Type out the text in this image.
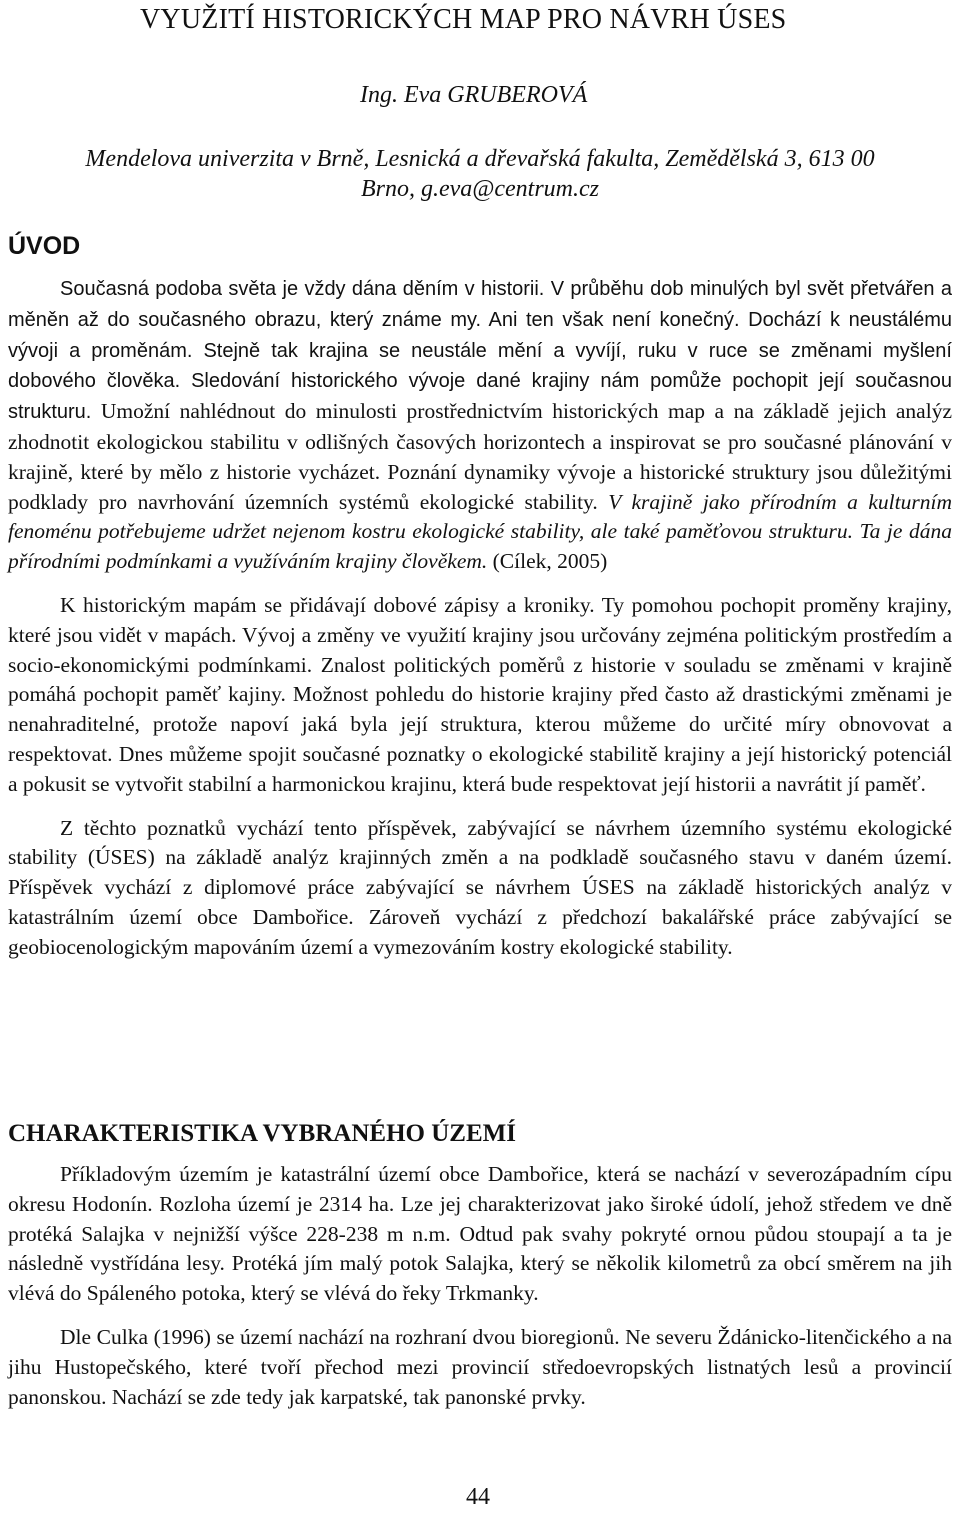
VYUŽITÍ HISTORICKÝCH MAP PRO NÁVRH ÚSES
Ing. Eva GRUBEROVÁ
Mendelova univerzita v Brně, Lesnická a dřevařská fakulta, Zemědělská 3, 613 00 Brno, g.eva@centrum.cz
ÚVOD

Současná podoba světa je vždy dána děním v historii. V průběhu dob minulých byl svět přetvářen a měněn až do současného obrazu, který známe my. Ani ten však není konečný. Dochází k neustálému vývoji a proměnám. Stejně tak krajina se neustále mění a vyvíjí, ruku v ruce se změnami myšlení dobového člověka. Sledování historického vývoje dané krajiny nám pomůže pochopit její současnou strukturu. Umožní nahlédnout do minulosti prostřednictvím historických map a na základě jejich analýz zhodnotit ekologickou stabilitu v odlišných časových horizontech a inspirovat se pro současné plánování v krajině, které by mělo z historie vycházet. Poznání dynamiky vývoje a historické struktury jsou důležitými podklady pro navrhování územních systémů ekologické stability. V krajině jako přírodním a kulturním fenoménu potřebujeme udržet nejenom kostru ekologické stability, ale také paměťovou strukturu. Ta je dána přírodními podmínkami a využíváním krajiny člověkem. (Cílek, 2005)

K historickým mapám se přidávají dobové zápisy a kroniky. Ty pomohou pochopit proměny krajiny, které jsou vidět v mapách. Vývoj a změny ve využití krajiny jsou určovány zejména politickým prostředím a socio-ekonomickými podmínkami. Znalost politických poměrů z historie v souladu se změnami v krajině pomáhá pochopit paměť kajiny. Možnost pohledu do historie krajiny před často až drastickými změnami je nenahraditelné, protože napoví jaká byla její struktura, kterou můžeme do určité míry obnovovat a respektovat. Dnes můžeme spojit současné poznatky o ekologické stabilitě krajiny a její historický potenciál a pokusit se vytvořit stabilní a harmonickou krajinu, která bude respektovat její historii a navrátit jí paměť.

Z těchto poznatků vychází tento příspěvek, zabývající se návrhem územního systému ekologické stability (ÚSES) na základě analýz krajinných změn a na podkladě současného stavu v daném území. Příspěvek vychází z diplomové práce zabývající se návrhem ÚSES na základě historických analýz v katastrálním území obce Dambořice. Zároveň vychází z předchozí bakalářské práce zabývající se geobiocenologickým mapováním území a vymezováním kostry ekologické stability.

CHARAKTERISTIKA VYBRANÉHO ÚZEMÍ

Příkladovým územím je katastrální území obce Dambořice, která se nachází v severozápadním cípu okresu Hodonín. Rozloha území je 2314 ha. Lze jej charakterizovat jako široké údolí, jehož středem ve dně protéká Salajka v nejnižší výšce 228-238 m n.m. Odtud pak svahy pokryté ornou půdou stoupají a ta je následně vystřídána lesy. Protéká jím malý potok Salajka, který se několik kilometrů za obcí směrem na jih vlévá do Spáleného potoka, který se vlévá do řeky Trkmanky.

Dle Culka (1996) se území nachází na rozhraní dvou bioregionů. Ne severu Ždánicko-litenčického a na jihu Hustopečského, které tvoří přechod mezi provincií středoevropských listnatých lesů a provincií panonskou. Nachází se zde tedy jak karpatské, tak panonské prvky.

44
